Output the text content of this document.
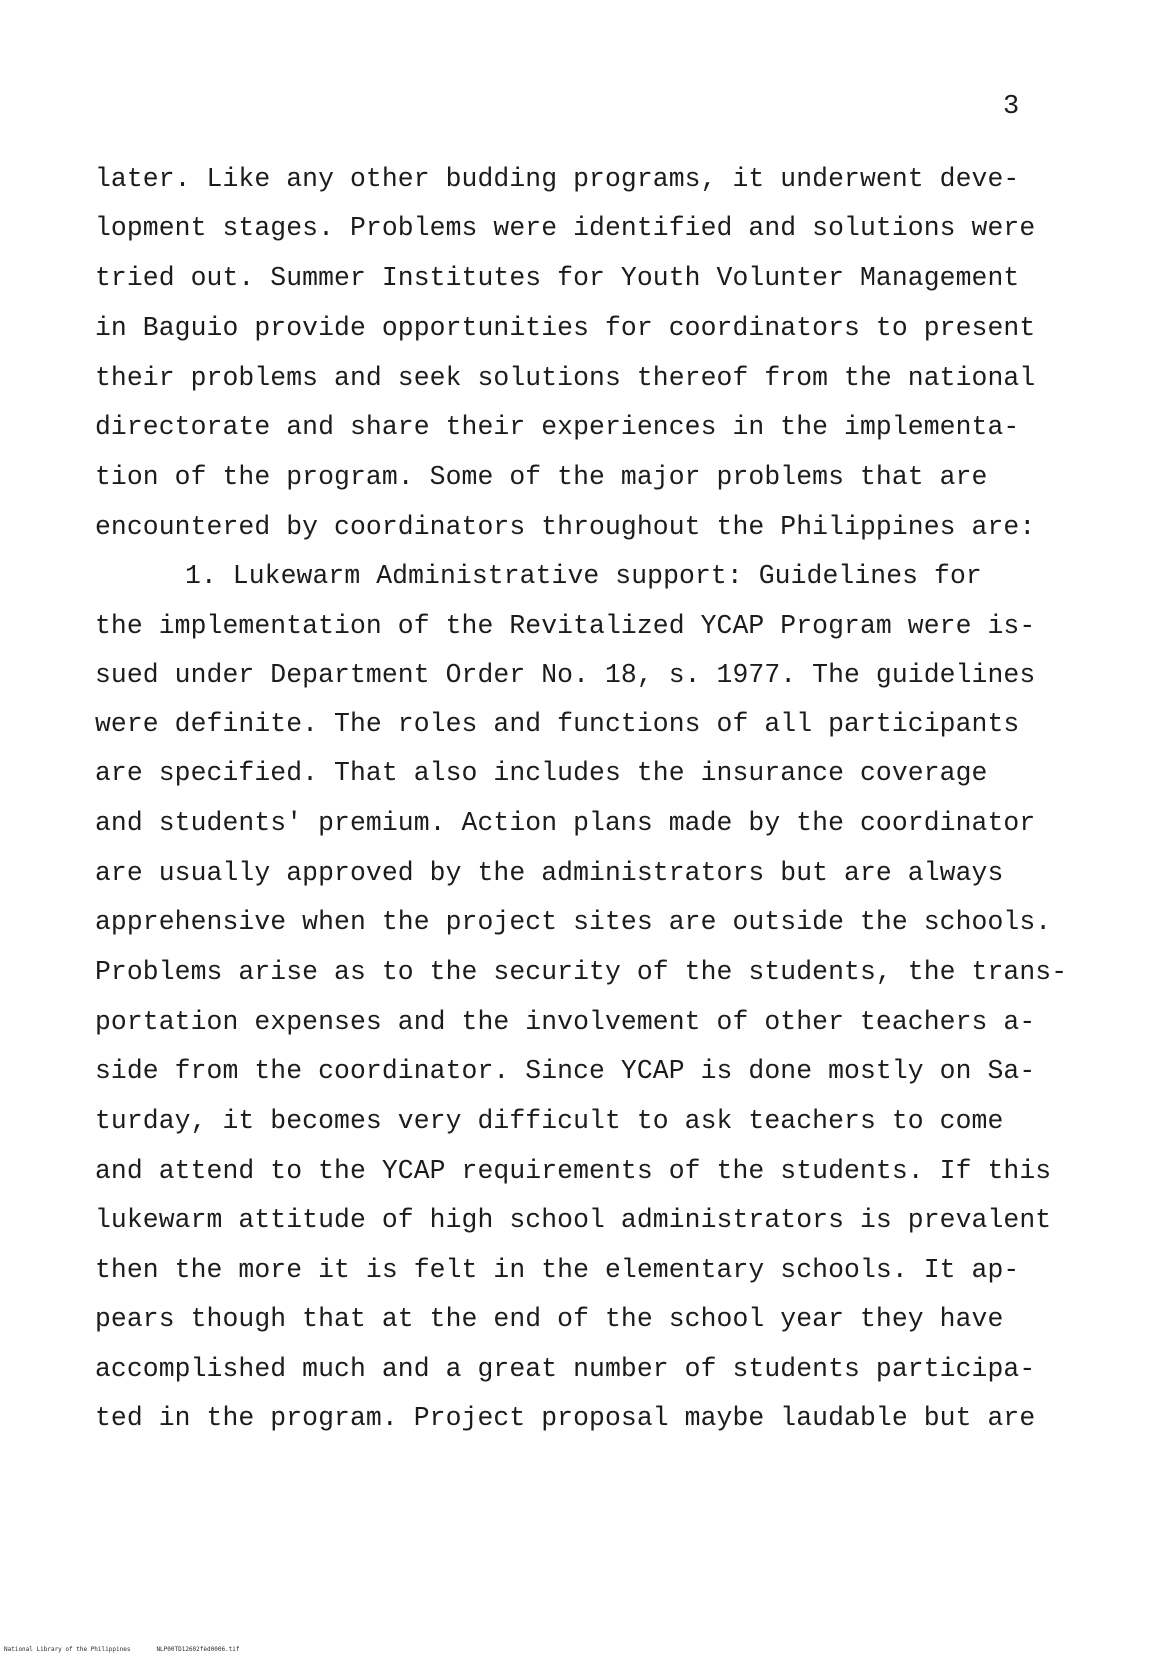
3
later. Like any other budding programs, it underwent deve-
lopment stages. Problems were identified and solutions were
tried out. Summer Institutes for Youth Volunter Management
in Baguio provide opportunities for coordinators to present
their problems and seek solutions thereof from the national
directorate and share their experiences in the implementa-
tion of the program. Some of the major problems that are
encountered by coordinators throughout the Philippines are:
1. Lukewarm Administrative support: Guidelines for
the implementation of the Revitalized YCAP Program were is-
sued under Department Order No. 18, s. 1977. The guidelines
were definite. The roles and functions of all participants
are specified. That also includes the insurance coverage
and students' premium. Action plans made by the coordinator
are usually approved by the administrators but are always
apprehensive when the project sites are outside the schools.
Problems arise as to the security of the students, the trans-
portation expenses and the involvement of other teachers a-
side from the coordinator. Since YCAP is done mostly on Sa-
turday, it becomes very difficult to ask teachers to come
and attend to the YCAP requirements of the students. If this
lukewarm attitude of high school administrators is prevalent
then the more it is felt in the elementary schools. It ap-
pears though that at the end of the school year they have
accomplished much and a great number of students participa-
ted in the program. Project proposal maybe laudable but are
National Library of the Philippines	NLP00TD12602fèd0006.tif
